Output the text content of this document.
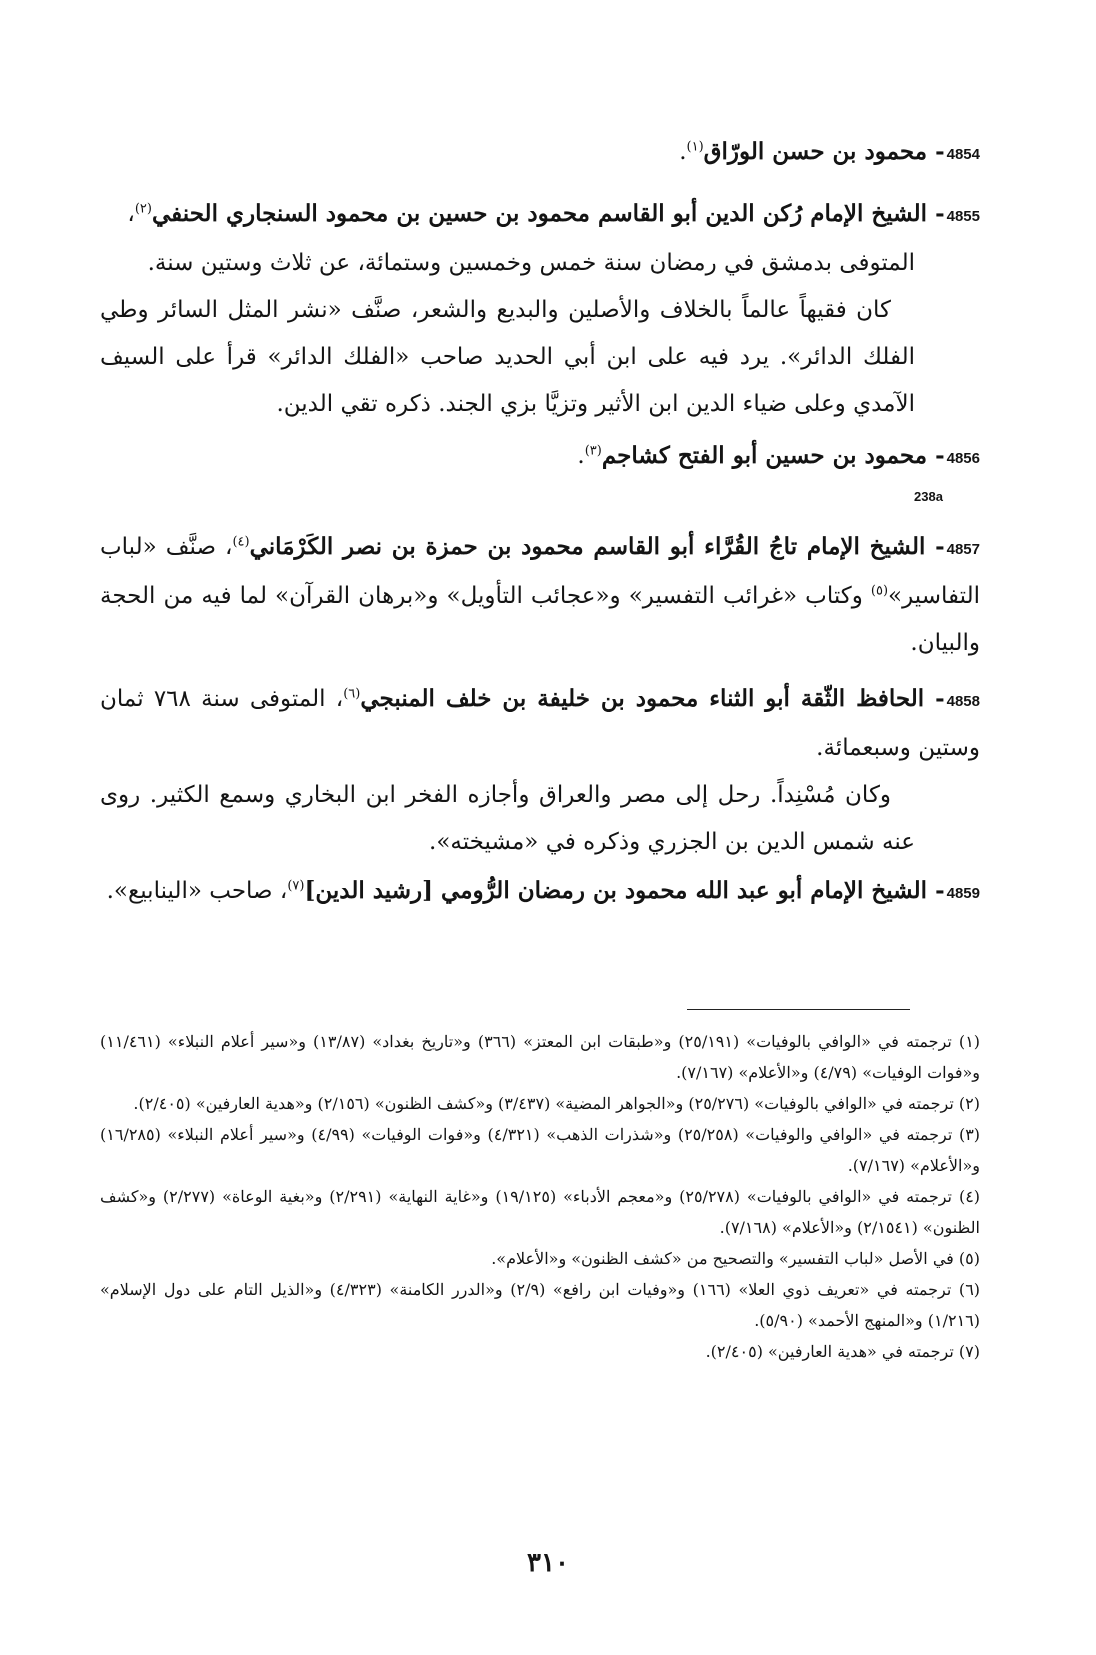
4854- محمود بن حسن الورّاق$^{(١)}$.

4855- الشيخ الإمام رُكن الدين أبو القاسم محمود بن حسين بن محمود السنجاري الحنفي$^{(٢)}$،

المتوفى بدمشق في رمضان سنة خمس وخمسين وستمائة، عن ثلاث وستين سنة.

كان فقيهاً عالماً بالخلاف والأصلين والبديع والشعر، صنَّف «نشر المثل السائر وطي الفلك الدائر». يرد فيه على ابن أبي الحديد صاحب «الفلك الدائر» قرأ على السيف الآمدي وعلى ضياء الدين ابن الأثير وتزيَّا بزي الجند. ذكره تقي الدين.

4856- محمود بن حسين أبو الفتح كشاجم$^{(٣)}$.

238a

4857- الشيخ الإمام تاجُ القُرَّاء أبو القاسم محمود بن حمزة بن نصر الكَرْمَاني$^{(٤)}$، صنَّف «لباب التفاسير»$^{(٥)}$ وكتاب «غرائب التفسير» و«عجائب التأويل» و«برهان القرآن» لما فيه من الحجة والبيان.

4858- الحافظ الثّقة أبو الثناء محمود بن خليفة بن خلف المنبجي$^{(٦)}$، المتوفى سنة ٧٦٨ ثمان وستين وسبعمائة.

وكان مُسْنِداً. رحل إلى مصر والعراق وأجازه الفخر ابن البخاري وسمع الكثير. روى عنه شمس الدين بن الجزري وذكره في «مشيخته».

4859- الشيخ الإمام أبو عبد الله محمود بن رمضان الرُّومي [رشيد الدين]$^{(٧)}$، صاحب «الينابيع».

(١) ترجمته في «الوافي بالوفيات» (٢٥/١٩١) و«طبقات ابن المعتز» (٣٦٦) و«تاريخ بغداد» (١٣/٨٧) و«سير أعلام النبلاء» (١١/٤٦١) و«فوات الوفيات» (٤/٧٩) و«الأعلام» (٧/١٦٧).

(٢) ترجمته في «الوافي بالوفيات» (٢٥/٢٧٦) و«الجواهر المضية» (٣/٤٣٧) و«كشف الظنون» (٢/١٥٦) و«هدية العارفين» (٢/٤٠٥).

(٣) ترجمته في «الوافي والوفيات» (٢٥/٢٥٨) و«شذرات الذهب» (٤/٣٢١) و«فوات الوفيات» (٤/٩٩) و«سير أعلام النبلاء» (١٦/٢٨٥) و«الأعلام» (٧/١٦٧).

(٤) ترجمته في «الوافي بالوفيات» (٢٥/٢٧٨) و«معجم الأدباء» (١٩/١٢٥) و«غاية النهاية» (٢/٢٩١) و«بغية الوعاة» (٢/٢٧٧) و«كشف الظنون» (٢/١٥٤١) و«الأعلام» (٧/١٦٨).

(٥) في الأصل «لباب التفسير» والتصحيح من «كشف الظنون» و«الأعلام».

(٦) ترجمته في «تعريف ذوي العلا» (١٦٦) و«وفيات ابن رافع» (٢/٩) و«الدرر الكامنة» (٤/٣٢٣) و«الذيل التام على دول الإسلام» (١/٢١٦) و«المنهج الأحمد» (٥/٩٠).

(٧) ترجمته في «هدية العارفين» (٢/٤٠٥).

٣١٠
